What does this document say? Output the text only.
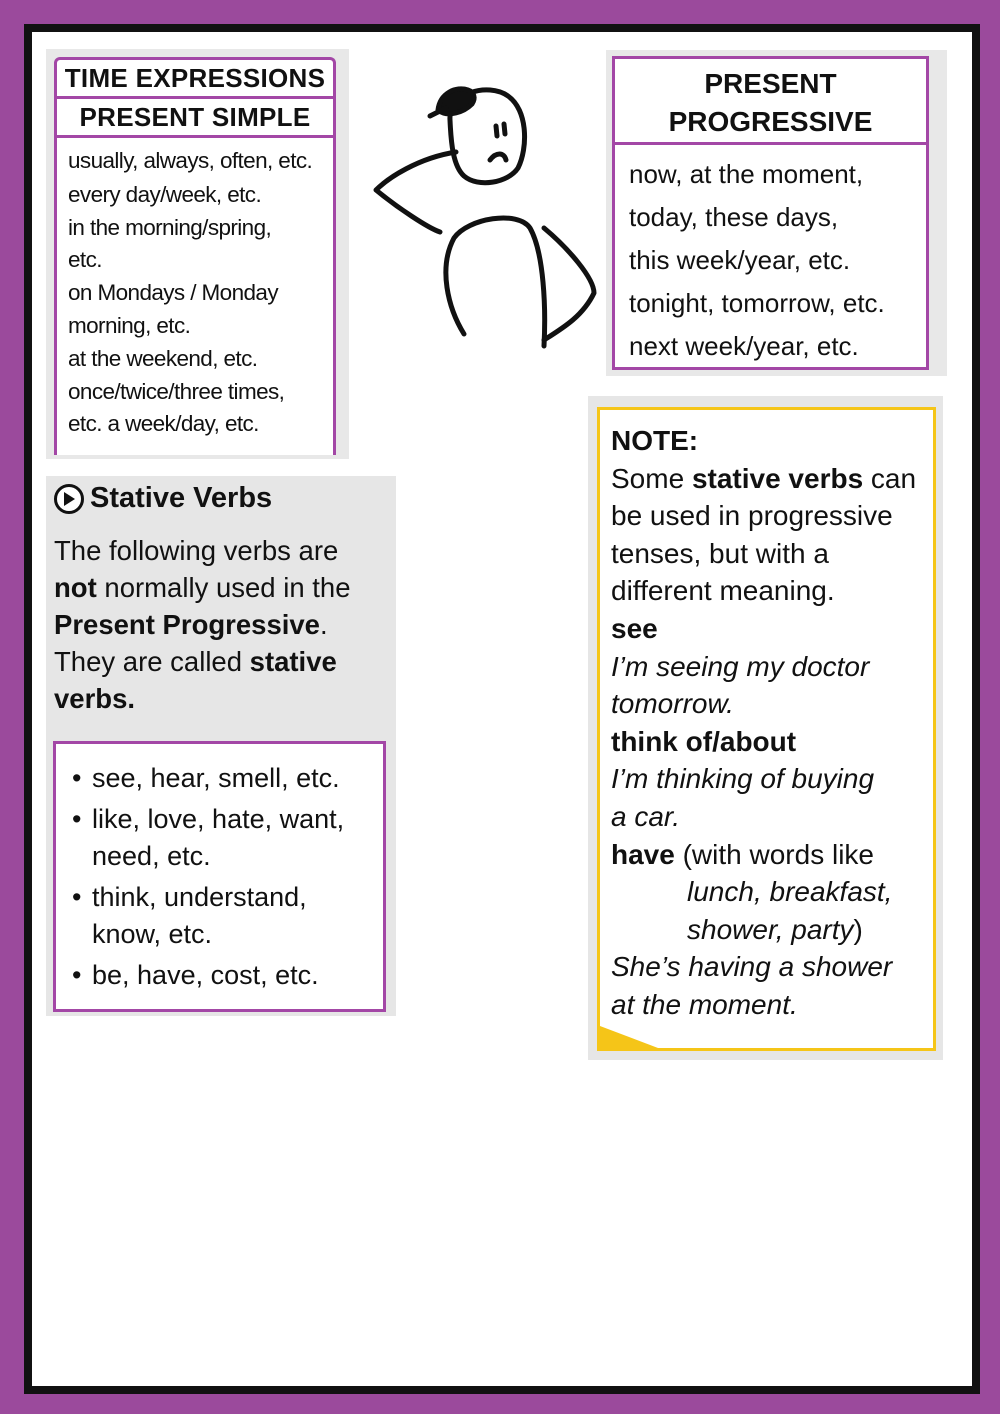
TIME EXPRESSIONS
PRESENT SIMPLE
usually, always, often, etc.
every day/week, etc.
in the morning/spring,
etc.
on Mondays / Monday
morning, etc.
at the weekend, etc.
once/twice/three times,
etc. a week/day, etc.
PRESENT
PROGRESSIVE
now, at the moment,
today, these days,
this week/year, etc.
tonight, tomorrow, etc.
next week/year, etc.
Stative Verbs
The following verbs are
not normally used in the
Present Progressive.
They are called stative
verbs.
• see, hear, smell, etc.
• like, love, hate, want,
need, etc.
• think, understand,
know, etc.
• be, have, cost, etc.
NOTE:
Some stative verbs can
be used in progressive
tenses, but with a
different meaning.
see
I’m seeing my doctor
tomorrow.
think of/about
I’m thinking of buying
a car.
have (with words like
lunch, breakfast,
shower, party)
She’s having a shower
at the moment.
